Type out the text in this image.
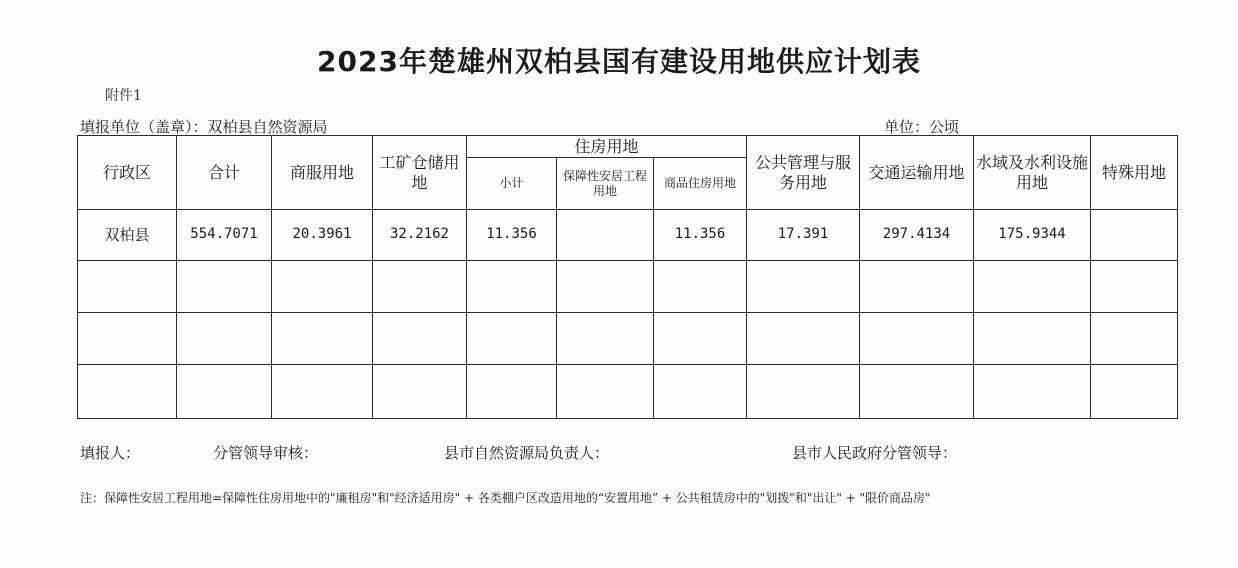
2023年楚雄州双柏县国有建设用地供应计划表
附件1
填报单位（盖章）：双柏县自然资源局	单位：公顷
行政区	合计	商服用地	工矿仓储用地	住房用地			公共管理与服务用地	交通运输用地	水域及水利设施用地	特殊用地
				小计	保障性安居工程用地	商品住房用地				
双柏县	554.7071	20.3961	32.2162	11.356		11.356	17.391	297.4134	175.9344	

填报人：	分管领导审核：	县市自然资源局负责人：	县市人民政府分管领导：
注：保障性安居工程用地=保障性住房用地中的"廉租房"和"经济适用房" + 各类棚户区改造用地的“安置用地” + 公共租赁房中的"划拨"和"出让" + "限价商品房"
